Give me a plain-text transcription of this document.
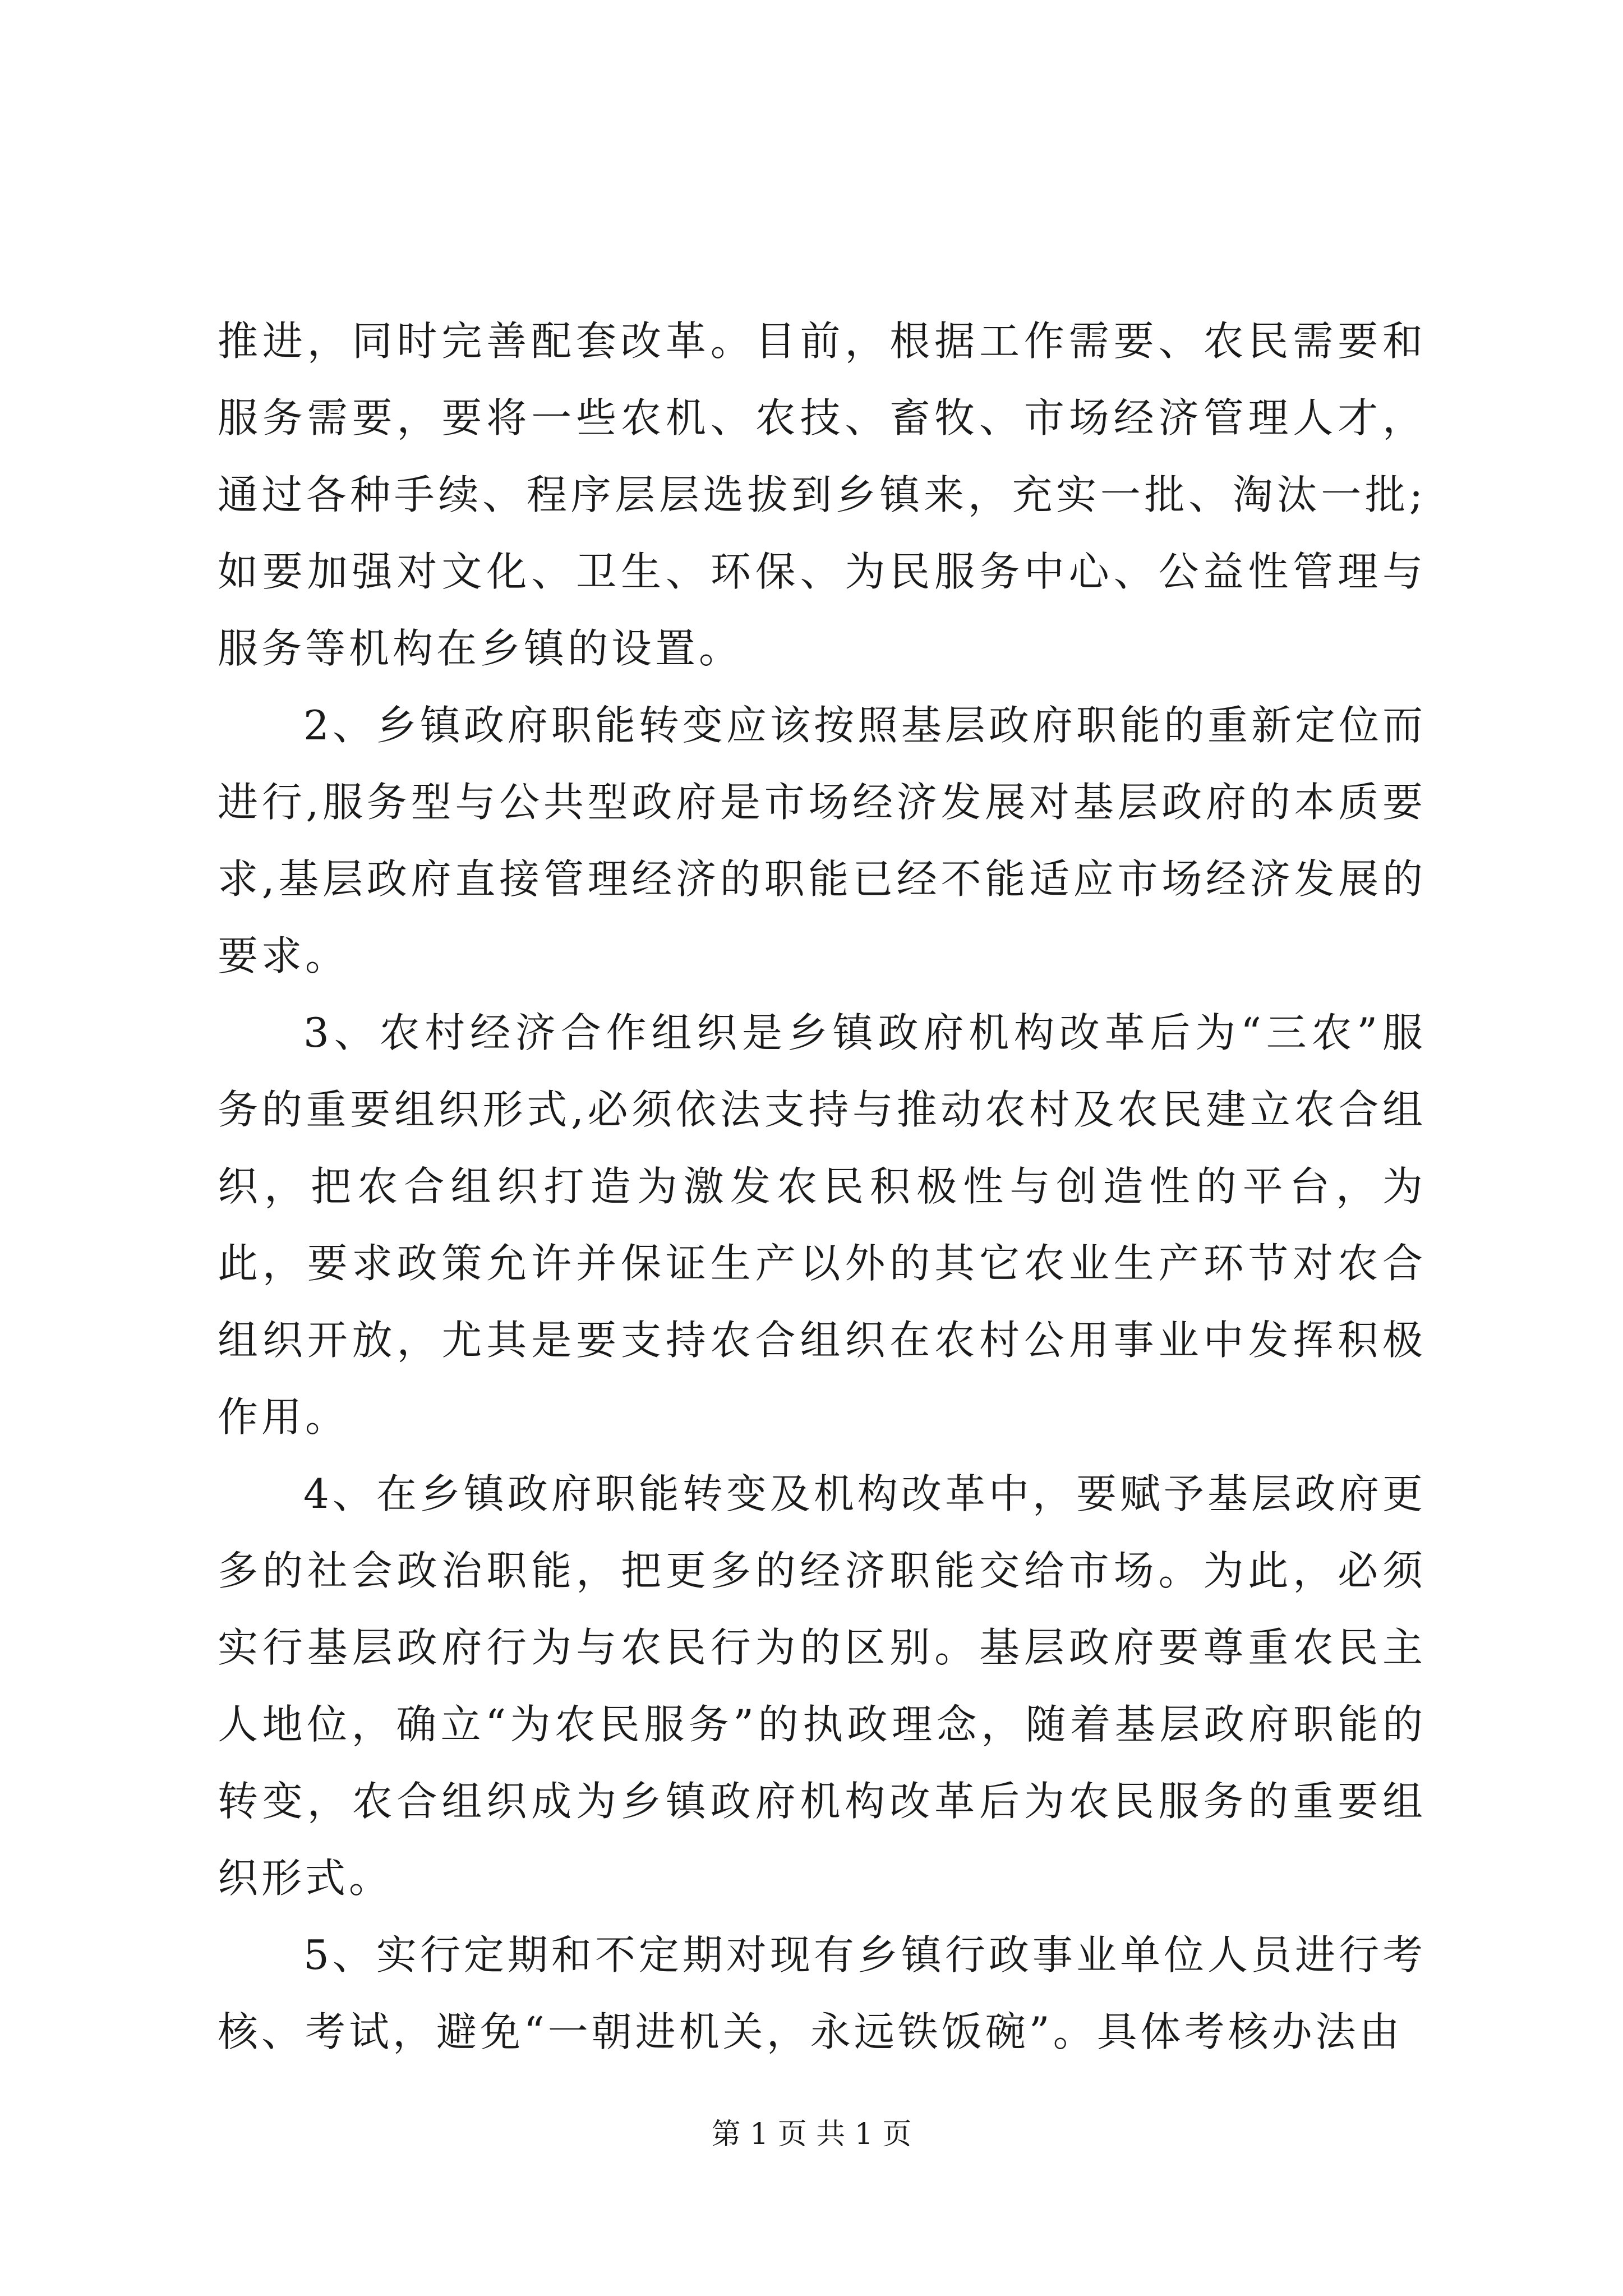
推进，同时完善配套改革。目前，根据工作需要、农民需要和服务需要，要将一些农机、农技、畜牧、市场经济管理人才，通过各种手续、程序层层选拔到乡镇来，充实一批、淘汰一批;如要加强对文化、卫生、环保、为民服务中心、公益性管理与服务等机构在乡镇的设置。

2、乡镇政府职能转变应该按照基层政府职能的重新定位而进行,服务型与公共型政府是市场经济发展对基层政府的本质要求,基层政府直接管理经济的职能已经不能适应市场经济发展的要求。

3、农村经济合作组织是乡镇政府机构改革后为“三农”服务的重要组织形式,必须依法支持与推动农村及农民建立农合组织，把农合组织打造为激发农民积极性与创造性的平台，为此，要求政策允许并保证生产以外的其它农业生产环节对农合组织开放，尤其是要支持农合组织在农村公用事业中发挥积极作用。

4、在乡镇政府职能转变及机构改革中，要赋予基层政府更多的社会政治职能，把更多的经济职能交给市场。为此，必须实行基层政府行为与农民行为的区别。基层政府要尊重农民主人地位，确立“为农民服务”的执政理念，随着基层政府职能的转变，农合组织成为乡镇政府机构改革后为农民服务的重要组织形式。

5、实行定期和不定期对现有乡镇行政事业单位人员进行考核、考试，避免“一朝进机关，永远铁饭碗”。具体考核办法由

第 1 页 共 1 页
